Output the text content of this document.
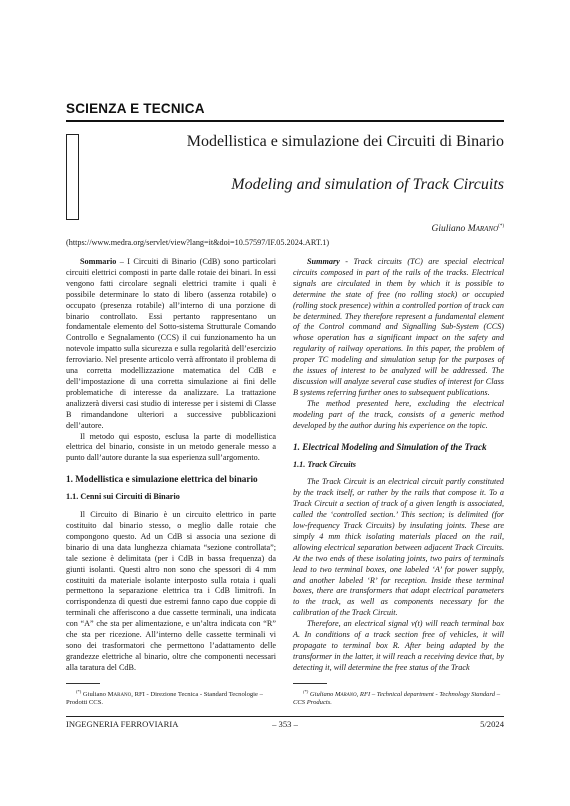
SCIENZA E TECNICA
Modellistica e simulazione dei Circuiti di Binario
Modeling and simulation of Track Circuits
Giuliano Marano(*)
(https://www.medra.org/servlet/view?lang=it&doi=10.57597/IF.05.2024.ART.1)

Sommario – I Circuiti di Binario (CdB) sono particolari circuiti elettrici composti in parte dalle rotaie dei binari. In essi vengono fatti circolare segnali elettrici tramite i quali è possibile determinare lo stato di libero (assenza rotabile) o occupato (presenza rotabile) all’interno di una porzione di binario controllato. Essi pertanto rappresentano un fondamentale elemento del Sotto-sistema Strutturale Comando Controllo e Segnalamento (CCS) il cui funzionamento ha un notevole impatto sulla sicurezza e sulla regolarità dell’esercizio ferroviario. Nel presente articolo verrà affrontato il problema di una corretta modellizzazione matematica del CdB e dell’impostazione di una corretta simulazione ai fini delle problematiche di interesse da analizzare. La trattazione analizzerà diversi casi studio di interesse per i sistemi di Classe B rimandandone ulteriori a successive pubblicazioni dell’autore.

Il metodo qui esposto, esclusa la parte di modellistica elettrica del binario, consiste in un metodo generale messo a punto dall’autore durante la sua esperienza sull’argomento.

1. Modellistica e simulazione elettrica del binario
1.1. Cenni sui Circuiti di Binario

Il Circuito di Binario è un circuito elettrico in parte costituito dal binario stesso, o meglio dalle rotaie che compongono questo. Ad un CdB si associa una sezione di binario di una data lunghezza chiamata “sezione controllata”; tale sezione è delimitata (per i CdB in bassa frequenza) da giunti isolanti. Questi altro non sono che spessori di 4 mm costituiti da materiale isolante interposto sulla rotaia i quali permettono la separazione elettrica tra i CdB limitrofi. In corrispondenza di questi due estremi fanno capo due coppie di terminali che afferiscono a due cassette terminali, una indicata con “A” che sta per alimentazione, e un’altra indicata con “R” che sta per ricezione. All’interno delle cassette terminali vi sono dei trasformatori che permettono l’adattamento delle grandezze elettriche al binario, oltre che componenti necessari alla taratura del CdB.

Summary - Track circuits (TC) are special electrical circuits composed in part of the rails of the tracks. Electrical signals are circulated in them by which it is possible to determine the state of free (no rolling stock) or occupied (rolling stock presence) within a controlled portion of track can be determined. They therefore represent a fundamental element of the Control command and Signalling Sub-System (CCS) whose operation has a significant impact on the safety and regularity of railway operations. In this paper, the problem of proper TC modeling and simulation setup for the purposes of the issues of interest to be analyzed will be addressed. The discussion will analyze several case studies of interest for Class B systems referring further ones to subsequent publications.

The method presented here, excluding the electrical modeling part of the track, consists of a generic method developed by the author during his experience on the topic.

1. Electrical Modeling and Simulation of the Track
1.1. Track Circuits

The Track Circuit is an electrical circuit partly constituted by the track itself, or rather by the rails that compose it. To a Track Circuit a section of track of a given length is associated, called the ‘controlled section.’ This section; is delimited (for low-frequency Track Circuits) by insulating joints. These are simply 4 mm thick isolating materials placed on the rail, allowing electrical separation between adjacent Track Circuits. At the two ends of these isolating joints, two pairs of terminals lead to two terminal boxes, one labeled ‘A’ for power supply, and another labeled ‘R’ for reception. Inside these terminal boxes, there are transformers that adapt electrical parameters to the track, as well as components necessary for the calibration of the Track Circuit.

Therefore, an electrical signal v(t) will reach terminal box A. In conditions of a track section free of vehicles, it will propagate to terminal box R. After being adapted by the transformer in the latter, it will reach a receiving device that, by detecting it, will determine the free status of the Track

(*) Giuliano Marano, RFI - Direzione Tecnica - Standard Tecnologie – Prodotti CCS.
(*) Giuliano Marano, RFI – Technical department - Technology Standard – CCS Products.
INGEGNERIA FERROVIARIA	– 353 –	5/2024
